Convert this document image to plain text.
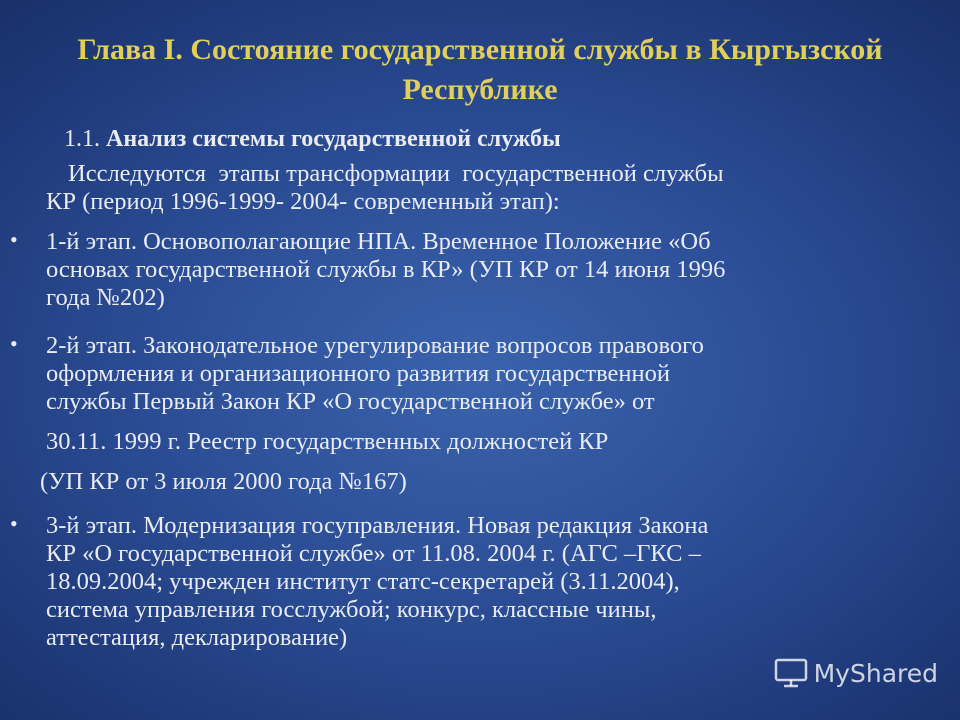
Глава I. Состояние государственной службы в Кыргызской Республике
1.1. Анализ системы государственной службы
Исследуются  этапы трансформации  государственной службы
КР (период 1996-1999- 2004- современный этап):
• 1-й этап. Основополагающие НПА. Временное Положение «Об
основах государственной службы в КР» (УП КР от 14 июня 1996
года №202)
• 2-й этап. Законодательное урегулирование вопросов правового
оформления и организационного развития государственной
службы Первый Закон КР «О государственной службе» от
30.11. 1999 г. Реестр государственных должностей КР
(УП КР от 3 июля 2000 года №167)
• 3-й этап. Модернизация госуправления. Новая редакция Закона
КР «О государственной службе» от 11.08. 2004 г. (АГС –ГКС –
18.09.2004; учрежден институт статс-секретарей (3.11.2004),
система управления госслужбой; конкурс, классные чины,
аттестация, декларирование)
MyShared
